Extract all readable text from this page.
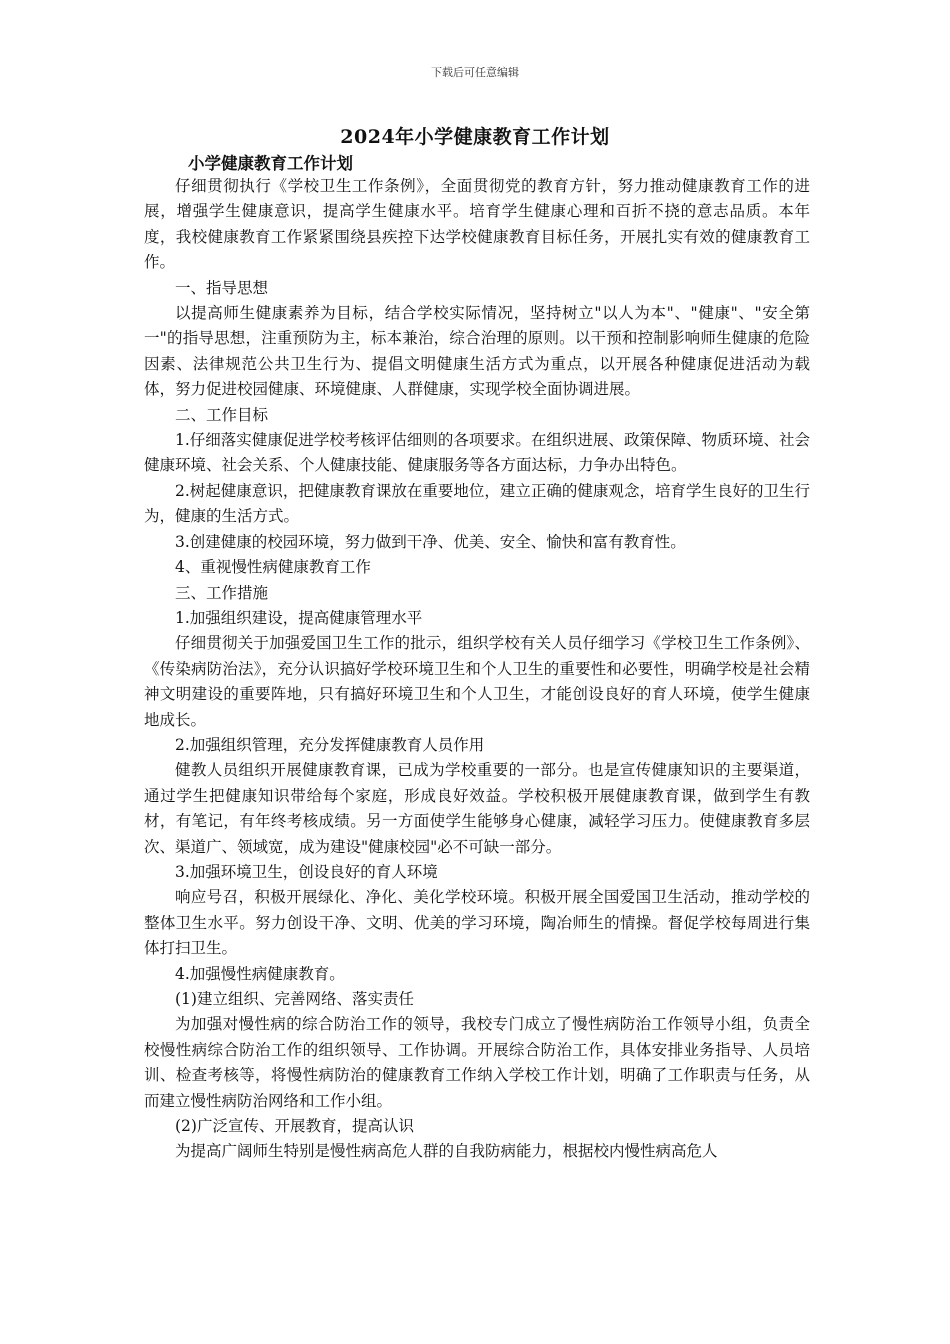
下载后可任意编辑
2024年小学健康教育工作计划
小学健康教育工作计划

仔细贯彻执行《学校卫生工作条例》，全面贯彻党的教育方针，努力推动健康教育工作的进展，增强学生健康意识，提高学生健康水平。培育学生健康心理和百折不挠的意志品质。本年度，我校健康教育工作紧紧围绕县疾控下达学校健康教育目标任务，开展扎实有效的健康教育工作。

一、指导思想

以提高师生健康素养为目标，结合学校实际情况，坚持树立"以人为本"、"健康"、"安全第一"的指导思想，注重预防为主，标本兼治，综合治理的原则。以干预和控制影响师生健康的危险因素、法律规范公共卫生行为、提倡文明健康生活方式为重点，以开展各种健康促进活动为载体，努力促进校园健康、环境健康、人群健康，实现学校全面协调进展。

二、工作目标

1.仔细落实健康促进学校考核评估细则的各项要求。在组织进展、政策保障、物质环境、社会健康环境、社会关系、个人健康技能、健康服务等各方面达标，力争办出特色。

2.树起健康意识，把健康教育课放在重要地位，建立正确的健康观念，培育学生良好的卫生行为，健康的生活方式。

3.创建健康的校园环境，努力做到干净、优美、安全、愉快和富有教育性。

4、重视慢性病健康教育工作

三、工作措施

1.加强组织建设，提高健康管理水平

仔细贯彻关于加强爱国卫生工作的批示，组织学校有关人员仔细学习《学校卫生工作条例》、《传染病防治法》，充分认识搞好学校环境卫生和个人卫生的重要性和必要性，明确学校是社会精神文明建设的重要阵地，只有搞好环境卫生和个人卫生，才能创设良好的育人环境，使学生健康地成长。

2.加强组织管理，充分发挥健康教育人员作用

健教人员组织开展健康教育课，已成为学校重要的一部分。也是宣传健康知识的主要渠道，通过学生把健康知识带给每个家庭，形成良好效益。学校积极开展健康教育课，做到学生有教材，有笔记，有年终考核成绩。另一方面使学生能够身心健康，减轻学习压力。使健康教育多层次、渠道广、领域宽，成为建设"健康校园"必不可缺一部分。

3.加强环境卫生，创设良好的育人环境

响应号召，积极开展绿化、净化、美化学校环境。积极开展全国爱国卫生活动，推动学校的整体卫生水平。努力创设干净、文明、优美的学习环境，陶冶师生的情操。督促学校每周进行集体打扫卫生。

4.加强慢性病健康教育。

(1)建立组织、完善网络、落实责任

为加强对慢性病的综合防治工作的领导，我校专门成立了慢性病防治工作领导小组，负责全校慢性病综合防治工作的组织领导、工作协调。开展综合防治工作，具体安排业务指导、人员培训、检查考核等，将慢性病防治的健康教育工作纳入学校工作计划，明确了工作职责与任务，从而建立慢性病防治网络和工作小组。

(2)广泛宣传、开展教育，提高认识

为提高广阔师生特别是慢性病高危人群的自我防病能力，根据校内慢性病高危人
